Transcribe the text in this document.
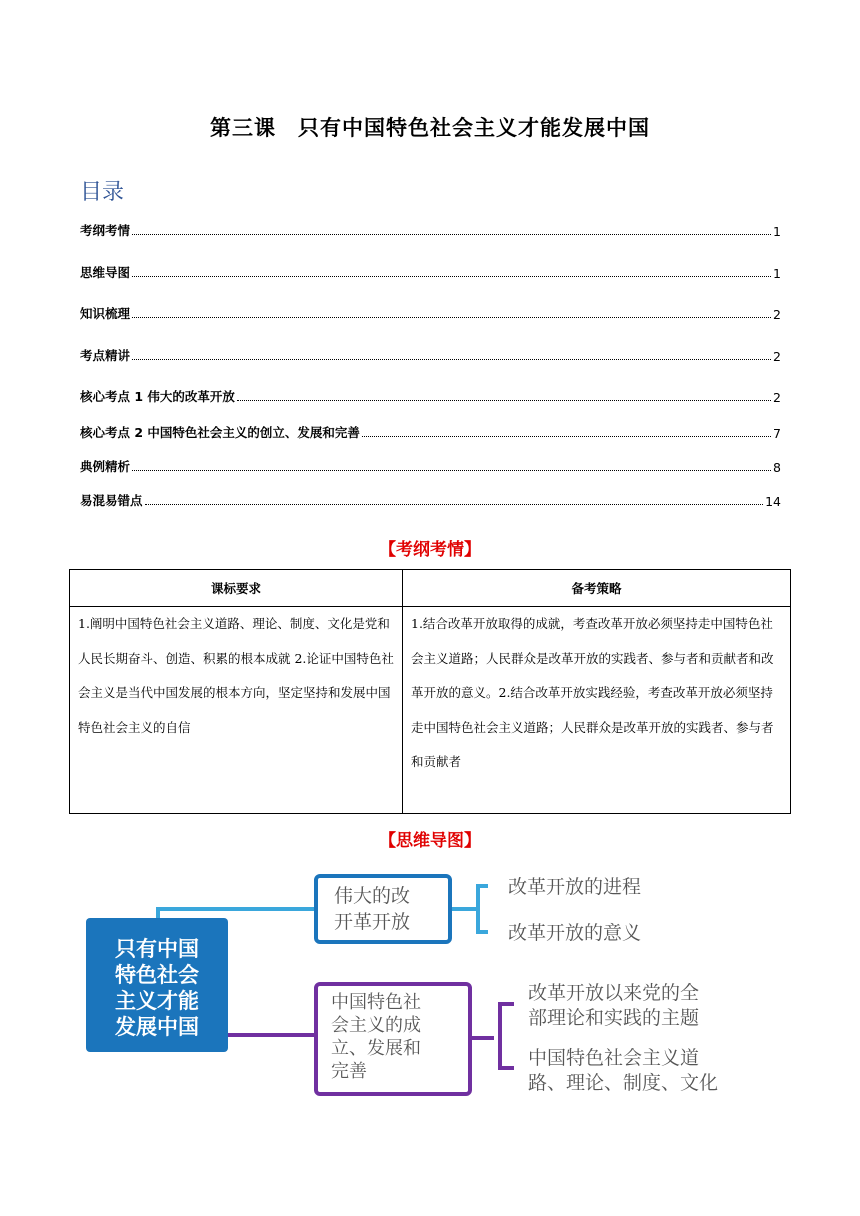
第三课　只有中国特色社会主义才能发展中国
目录
考纲考情	1
思维导图	1
知识梳理	2
考点精讲	2
核心考点 1 伟大的改革开放	2
核心考点 2 中国特色社会主义的创立、发展和完善	7
典例精析	8
易混易错点	14
【考纲考情】
课标要求	备考策略
1.阐明中国特色社会主义道路、理论、制度、文化是党和人民长期奋斗、创造、积累的根本成就 2.论证中国特色社会主义是当代中国发展的根本方向，坚定坚持和发展中国特色社会主义的自信	1.结合改革开放取得的成就，考查改革开放必须坚持走中国特色社会主义道路；人民群众是改革开放的实践者、参与者和贡献者和改革开放的意义。2.结合改革开放实践经验，考查改革开放必须坚持走中国特色社会主义道路；人民群众是改革开放的实践者、参与者和贡献者
【思维导图】
只有中国
特色社会
主义才能
发展中国
伟大的改
开革开放
改革开放的进程
改革开放的意义
中国特色社
会主义的成
立、发展和
完善
改革开放以来党的全
部理论和实践的主题
中国特色社会主义道
路、理论、制度、文化
